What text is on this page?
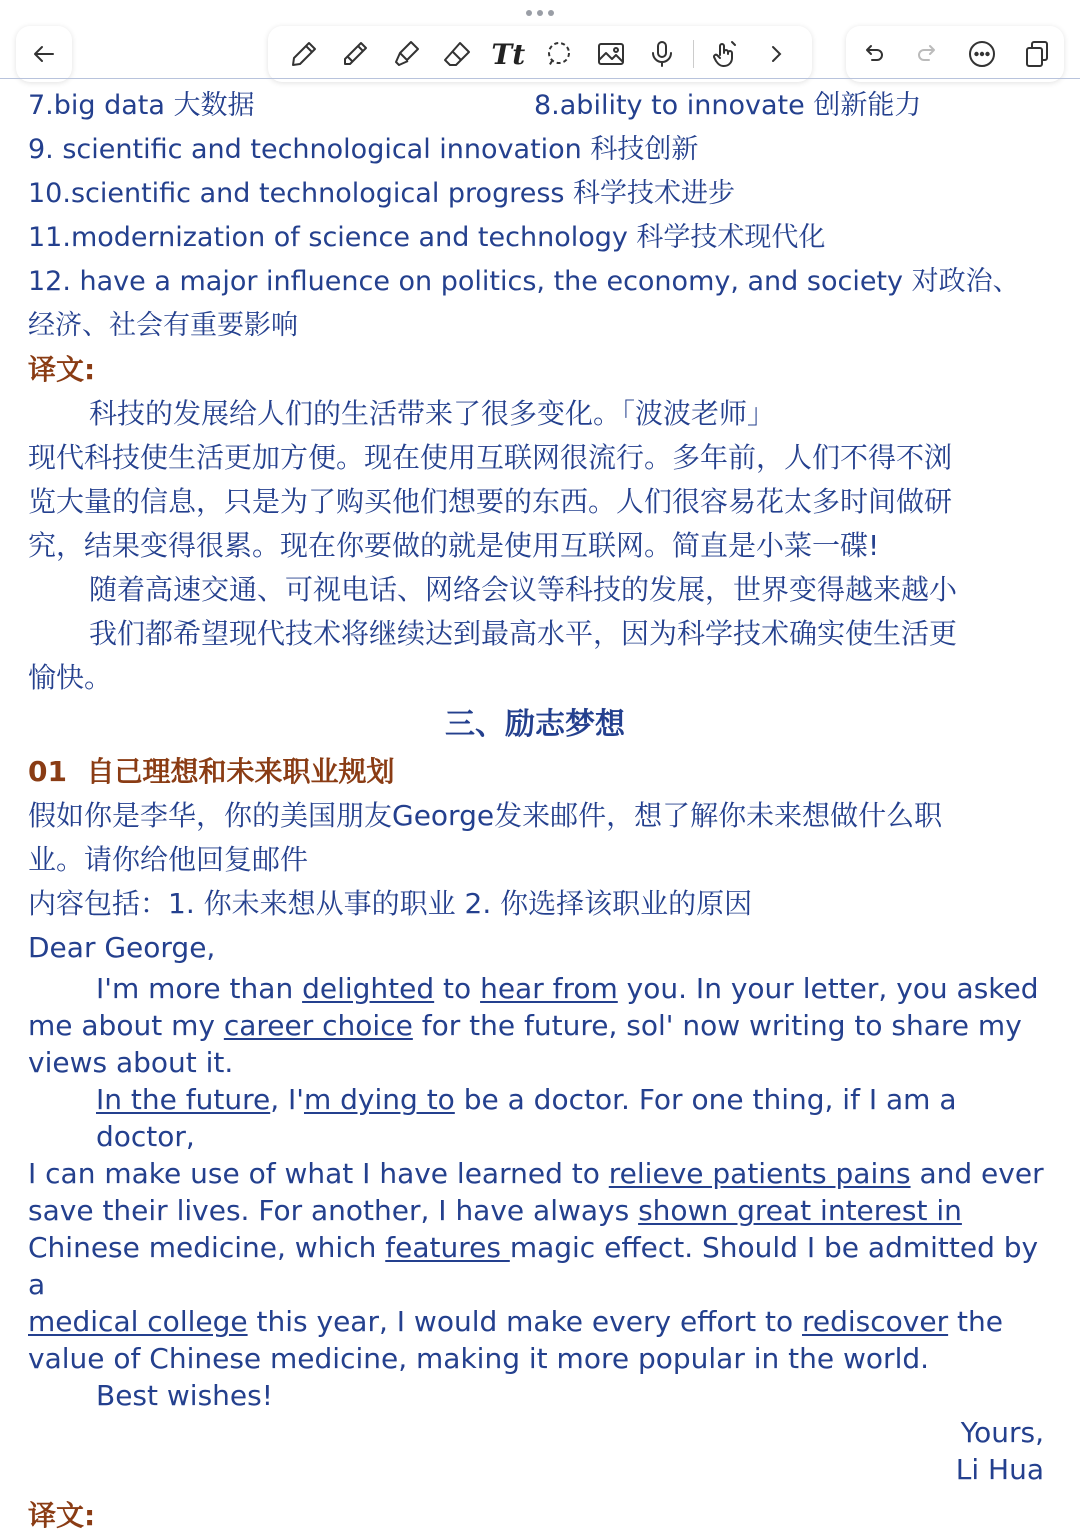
Tt
7.big data 大数据	8.ability to innovate 创新能力
9. scientific and technological innovation 科技创新
10.scientific and technological progress 科学技术进步
11.modernization of science and technology 科学技术现代化
12. have a major influence on politics, the economy, and society 对政治、
经济、社会有重要影响
译文:
科技的发展给人们的生活带来了很多变化。「波波老师」
现代科技使生活更加方便。现在使用互联网很流行。多年前，人们不得不浏
览大量的信息，只是为了购买他们想要的东西。人们很容易花太多时间做研
究，结果变得很累。现在你要做的就是使用互联网。简直是小菜一碟!
随着高速交通、可视电话、网络会议等科技的发展，世界变得越来越小
我们都希望现代技术将继续达到最高水平，因为科学技术确实使生活更
愉快。
三、励志梦想
01 自己理想和未来职业规划
假如你是李华，你的美国朋友George发来邮件，想了解你未来想做什么职
业。请你给他回复邮件
内容包括：1. 你未来想从事的职业 2. 你选择该职业的原因
Dear George,
I'm more than delighted to hear from you. In your letter, you asked
me about my career choice for the future, sol' now writing to share my
views about it.
In the future, I'm dying to be a doctor. For one thing, if I am a doctor,
I can make use of what I have learned to relieve patients pains and ever
save their lives. For another, I have always shown great interest in
Chinese medicine, which features magic effect. Should I be admitted by a
medical college this year, I would make every effort to rediscover the
value of Chinese medicine, making it more popular in the world.
Best wishes!
Yours,
Li Hua
译文:
